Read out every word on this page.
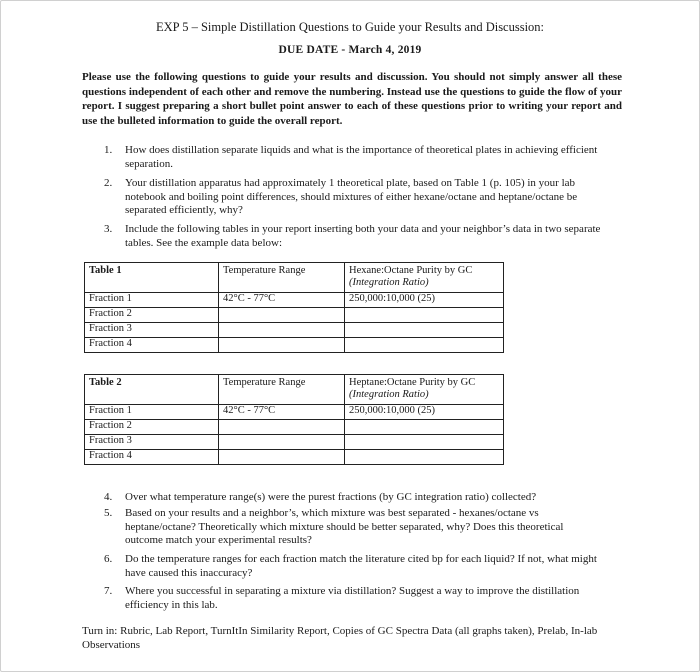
EXP 5 – Simple Distillation Questions to Guide your Results and Discussion:
DUE DATE - March 4, 2019
Please use the following questions to guide your results and discussion. You should not simply answer all these questions independent of each other and remove the numbering. Instead use the questions to guide the flow of your report. I suggest preparing a short bullet point answer to each of these questions prior to writing your report and use the bulleted information to guide the overall report.
1.	How does distillation separate liquids and what is the importance of theoretical plates in achieving efficient separation.
2.	Your distillation apparatus had approximately 1 theoretical plate, based on Table 1 (p. 105) in your lab notebook and boiling point differences, should mixtures of either hexane/octane and heptane/octane be separated efficiently, why?
3.	Include the following tables in your report inserting both your data and your neighbor’s data in two separate tables. See the example data below:
Table 1	Temperature Range	Hexane:Octane Purity by GC
(Integration Ratio)

Fraction 1	42°C - 77°C	250,000:10,000 (25)
Fraction 2		
Fraction 3		
Fraction 4		
Table 2	Temperature Range	Heptane:Octane Purity by GC
(Integration Ratio)

Fraction 1	42°C - 77°C	250,000:10,000 (25)
Fraction 2		
Fraction 3		
Fraction 4		
4.	Over what temperature range(s) were the purest fractions (by GC integration ratio) collected?
5.	Based on your results and a neighbor’s, which mixture was best separated - hexanes/octane vs heptane/octane? Theoretically which mixture should be better separated, why? Does this theoretical outcome match your experimental results?
6.	Do the temperature ranges for each fraction match the literature cited bp for each liquid? If not, what might have caused this inaccuracy?
7.	Where you successful in separating a mixture via distillation? Suggest a way to improve the distillation efficiency in this lab.
Turn in: Rubric, Lab Report, TurnItIn Similarity Report, Copies of GC Spectra Data (all graphs taken), Prelab, In-lab Observations
